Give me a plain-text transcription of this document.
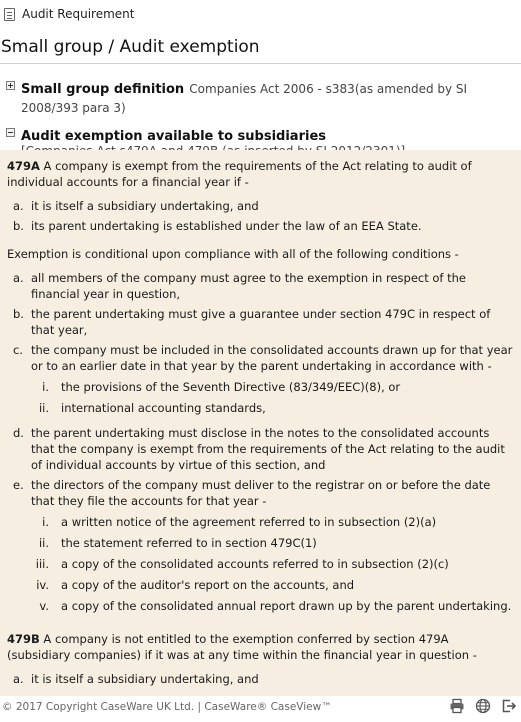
Audit Requirement
Small group / Audit exemption
Small group definition Companies Act 2006 - s383(as amended by SI 2008/393 para 3)
Audit exemption available to subsidiaries

479A A company is exempt from the requirements of the Act relating to audit of individual accounts for a financial year if -

a. it is itself a subsidiary undertaking, and
b. its parent undertaking is established under the law of an EEA State.

Exemption is conditional upon compliance with all of the following conditions -

a. all members of the company must agree to the exemption in respect of the financial year in question,
b. the parent undertaking must give a guarantee under section 479C in respect of that year,
c. the company must be included in the consolidated accounts drawn up for that year or to an earlier date in that year by the parent undertaking in accordance with -
i.	the provisions of the Seventh Directive (83/349/EEC)(8), or
ii.	international accounting standards,
d. the parent undertaking must disclose in the notes to the consolidated accounts that the company is exempt from the requirements of the Act relating to the audit of individual accounts by virtue of this section, and
e. the directors of the company must deliver to the registrar on or before the date that they file the accounts for that year -
i.	a written notice of the agreement referred to in subsection (2)(a)
ii.	the statement referred to in section 479C(1)
iii.	a copy of the consolidated accounts referred to in subsection (2)(c)
iv.	a copy of the auditor's report on the accounts, and
v.	a copy of the consolidated annual report drawn up by the parent undertaking.

479B A company is not entitled to the exemption conferred by section 479A (subsidiary companies) if it was at any time within the financial year in question -

a. it is itself a subsidiary undertaking, and
© 2017 Copyright CaseWare UK Ltd. | CaseWare® CaseView™
